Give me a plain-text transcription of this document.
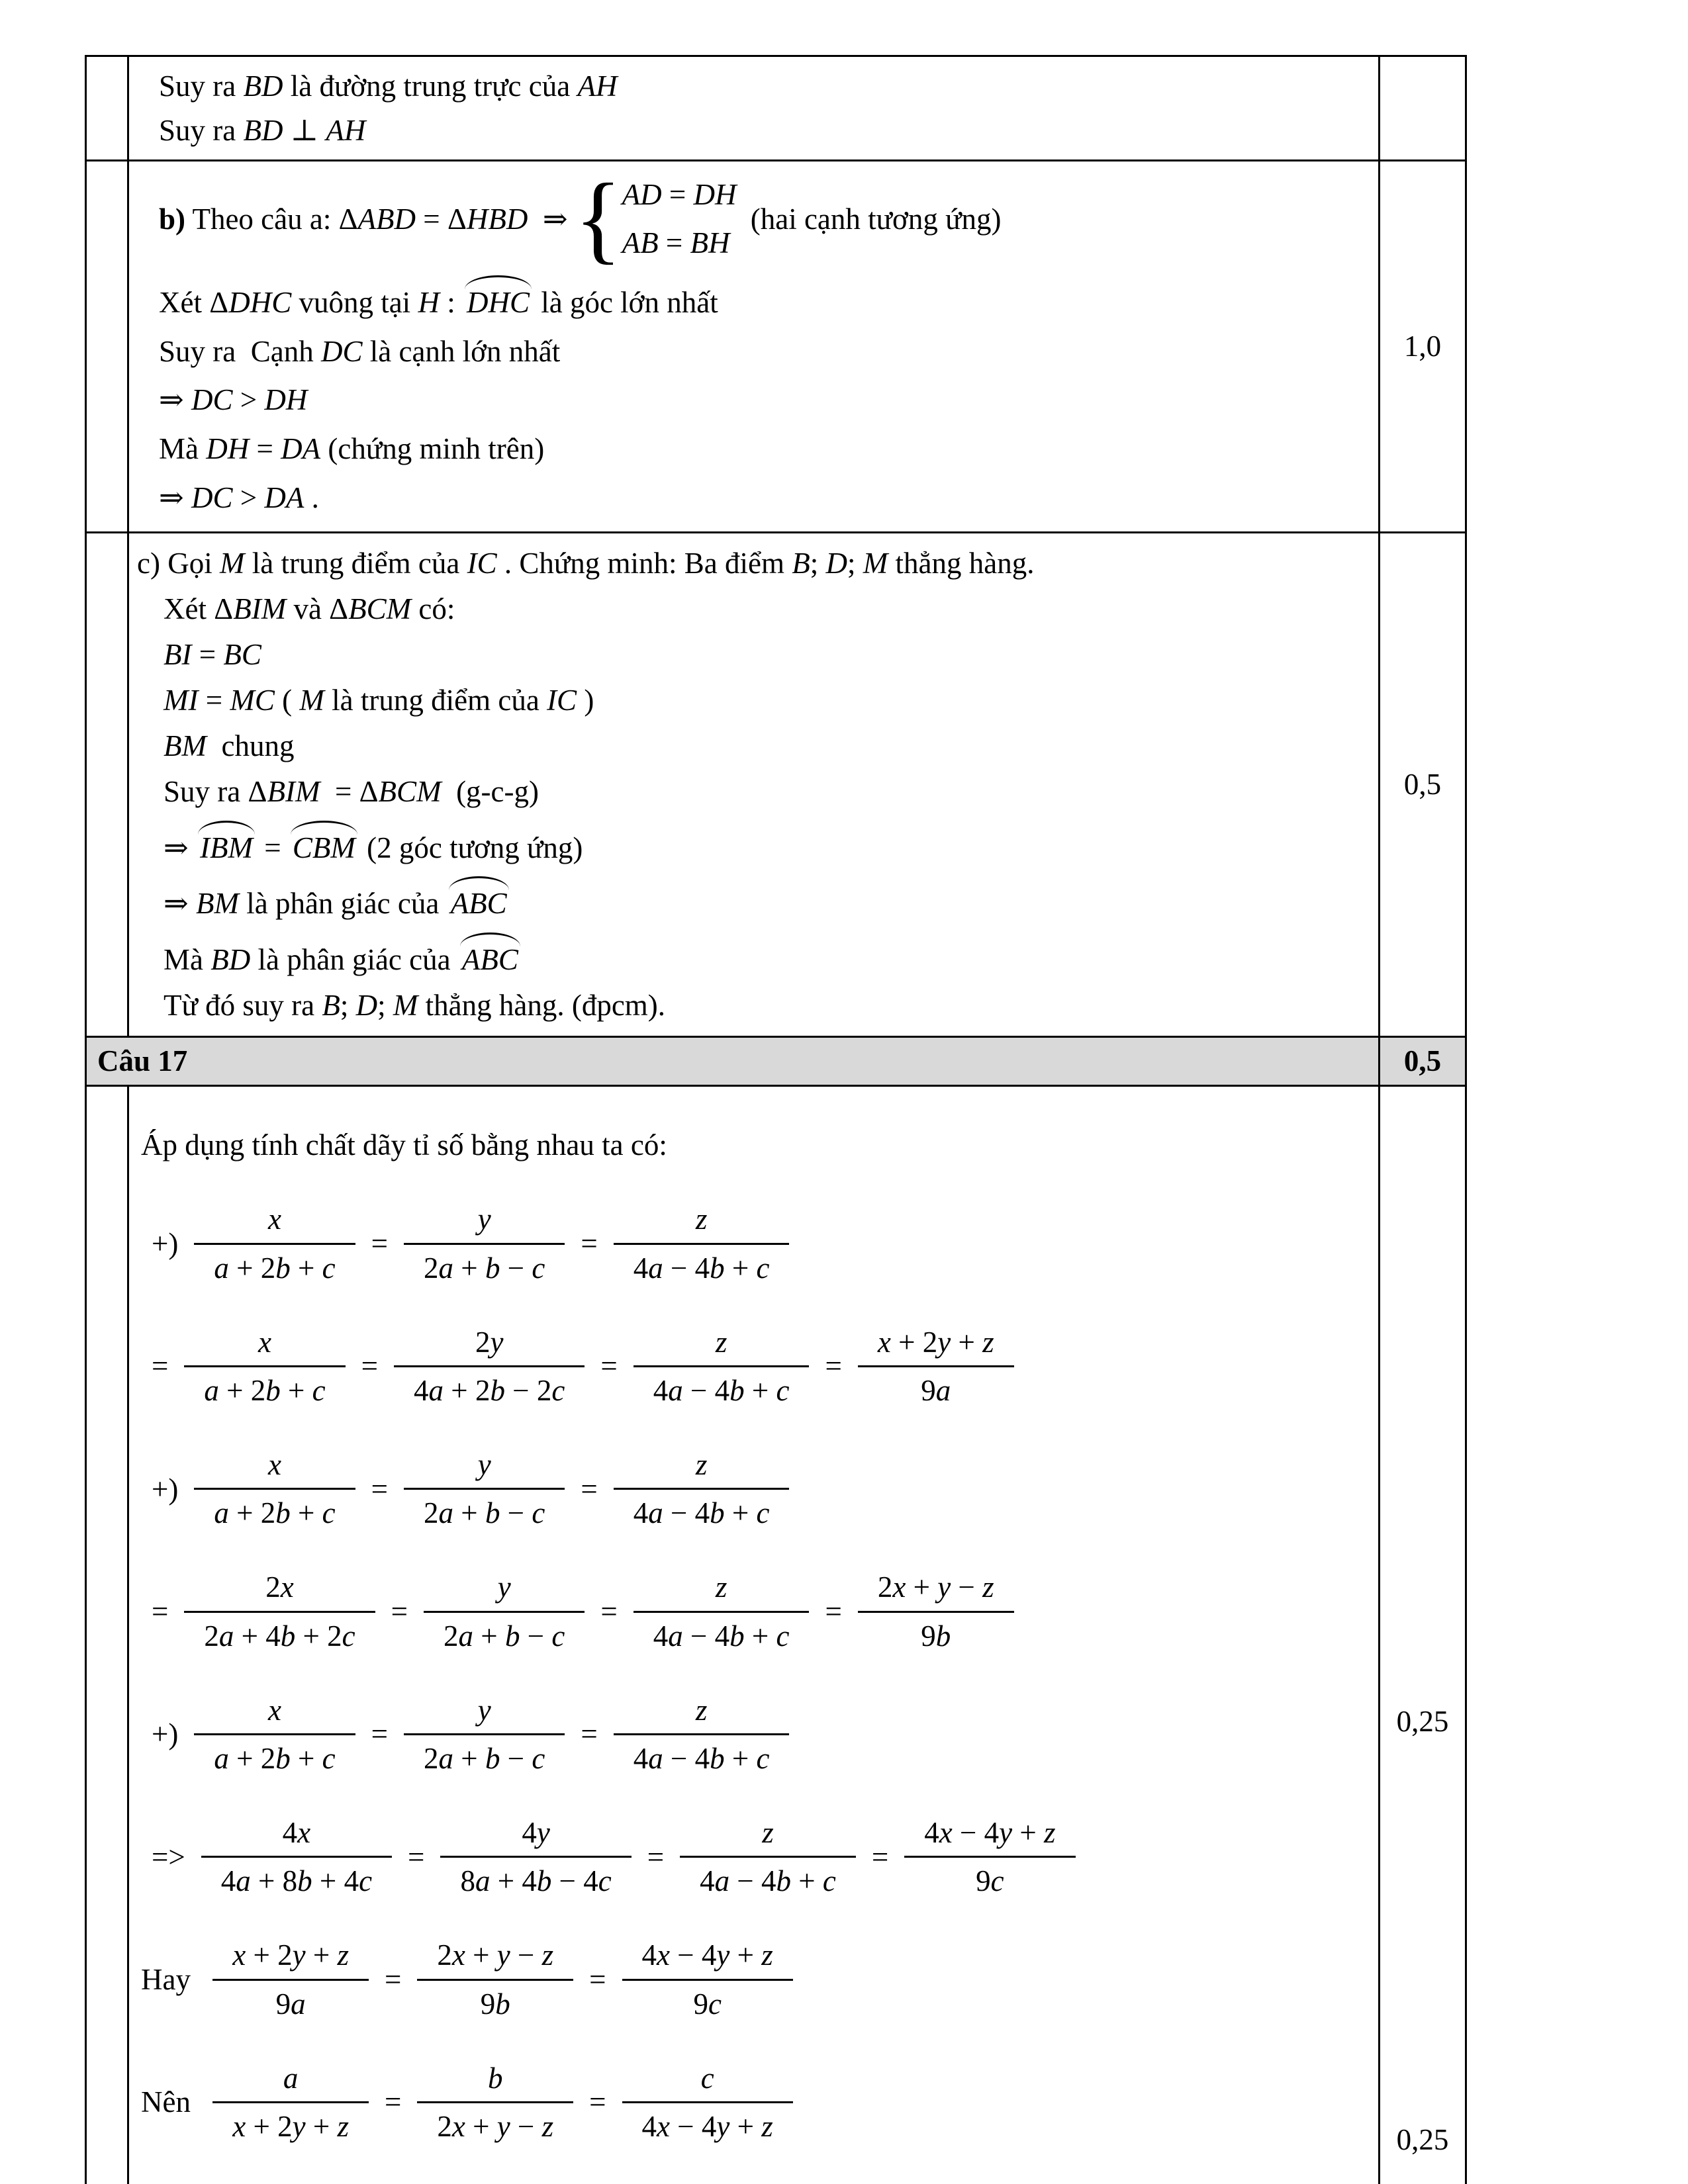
Suy ra BD là đường trung trực của AH
Suy ra BD ⊥ AH
b) Theo câu a: ΔABD = ΔHBD ⇒ { AD = DH
AB = BH
(hai cạnh tương ứng)
Xét ΔDHC vuông tại H : DHC là góc lớn nhất
Suy ra  Cạnh DC là cạnh lớn nhất
⇒ DC > DH
Mà DH = DA (chứng minh trên)
⇒ DC > DA .
1,0
c) Gọi M là trung điểm của IC . Chứng minh: Ba điểm B; D; M thẳng hàng.
Xét ΔBIM và ΔBCM có:
BI = BC
MI = MC ( M là trung điểm của IC )
BM chung
Suy ra ΔBIM = ΔBCM (g-c-g)
⇒ IBM = CBM (2 góc tương ứng)
⇒ BM là phân giác của ABC
Mà BD là phân giác của ABC
Từ đó suy ra B; D; M thẳng hàng. (đpcm).
0,5
Câu 17	0,5
Áp dụng tính chất dãy tỉ số bằng nhau ta có:
+) $\frac{x}{a + 2b + c} = \frac{y}{2a + b - c} = \frac{z}{4a - 4b + c}$
= $\frac{x}{a + 2b + c} = \frac{2y}{4a + 2b - 2c} = \frac{z}{4a - 4b + c} = \frac{x + 2y + z}{9a}$
+) $\frac{x}{a + 2b + c} = \frac{y}{2a + b - c} = \frac{z}{4a - 4b + c}$
= $\frac{2x}{2a + 4b + 2c} = \frac{y}{2a + b - c} = \frac{z}{4a - 4b + c} = \frac{2x + y - z}{9b}$
+) $\frac{x}{a + 2b + c} = \frac{y}{2a + b - c} = \frac{z}{4a - 4b + c}$
=> $\frac{4x}{4a + 8b + 4c} = \frac{4y}{8a + 4b - 4c} = \frac{z}{4a - 4b + c} = \frac{4x - 4y + z}{9c}$
Hay $\frac{x + 2y + z}{9a} = \frac{2x + y - z}{9b} = \frac{4x - 4y + z}{9c}$
Nên $\frac{a}{x + 2y + z} = \frac{b}{2x + y - z} = \frac{c}{4x - 4y + z}$
0,25
0,25
